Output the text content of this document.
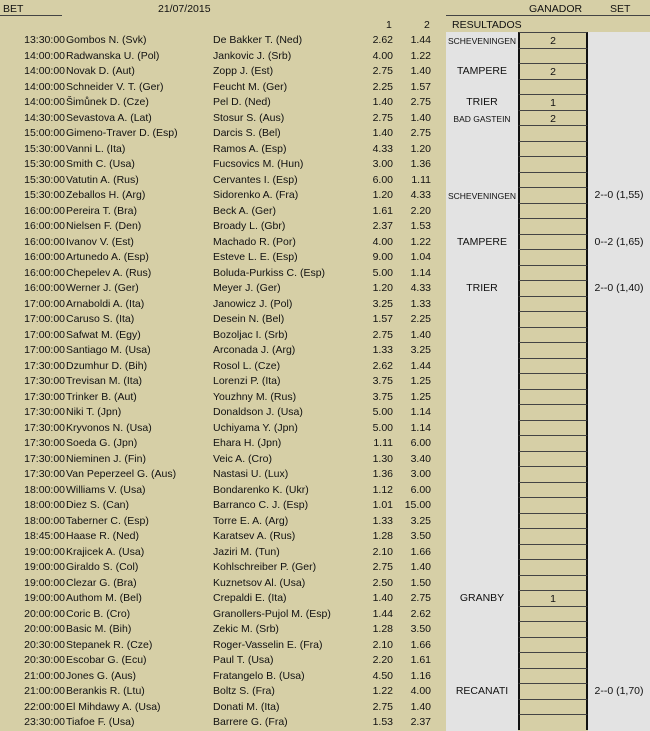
BET	21/07/2015
1	2 RESULTADOS
GANADOR	SET
13:30:00 Gombos N. (Svk)	De Bakker T. (Ned)	2.62	1.44 SCHEVENINGEN	2
14:00:00 Radwanska U. (Pol)	Jankovic J. (Srb)	4.00	1.22
14:00:00 Novak D. (Aut)	Zopp J. (Est)	2.75	1.40	TAMPERE	2
14:00:00 Schneider V. T. (Ger)	Feucht M. (Ger)	2.25	1.57
14:00:00 Šimůnek D. (Cze)	Pel D. (Ned)	1.40	2.75	TRIER	1
14:30:00 Sevastova A. (Lat)	Stosur S. (Aus)	2.75	1.40	BAD GASTEIN	2
15:00:00 Gimeno-Traver D. (Esp)	Darcis S. (Bel)	1.40	2.75
15:30:00 Vanni L. (Ita)	Ramos A. (Esp)	4.33	1.20
15:30:00 Smith C. (Usa)	Fucsovics M. (Hun)	3.00	1.36
15:30:00 Vatutin A. (Rus)	Cervantes I. (Esp)	6.00	1.11
15:30:00 Zeballos H. (Arg)	Sidorenko A. (Fra)	1.20	4.33 SCHEVENINGEN	2--0 (1,55)
16:00:00 Pereira T. (Bra)	Beck A. (Ger)	1.61	2.20
16:00:00 Nielsen F. (Den)	Broady L. (Gbr)	2.37	1.53
16:00:00 Ivanov V. (Est)	Machado R. (Por)	4.00	1.22	TAMPERE	0--2 (1,65)
16:00:00 Artunedo A. (Esp)	Esteve L. E. (Esp)	9.00	1.04
16:00:00 Chepelev A. (Rus)	Boluda-Purkiss C. (Esp)	5.00	1.14
16:00:00 Werner J. (Ger)	Meyer J. (Ger)	1.20	4.33	TRIER	2--0 (1,40)
17:00:00 Arnaboldi A. (Ita)	Janowicz J. (Pol)	3.25	1.33
17:00:00 Caruso S. (Ita)	Desein N. (Bel)	1.57	2.25
17:00:00 Safwat M. (Egy)	Bozoljac I. (Srb)	2.75	1.40
17:00:00 Santiago M. (Usa)	Arconada J. (Arg)	1.33	3.25
17:30:00 Dzumhur D. (Bih)	Rosol L. (Cze)	2.62	1.44
17:30:00 Trevisan M. (Ita)	Lorenzi P. (Ita)	3.75	1.25
17:30:00 Trinker B. (Aut)	Youzhny M. (Rus)	3.75	1.25
17:30:00 Niki T. (Jpn)	Donaldson J. (Usa)	5.00	1.14
17:30:00 Kryvonos N. (Usa)	Uchiyama Y. (Jpn)	5.00	1.14
17:30:00 Soeda G. (Jpn)	Ehara H. (Jpn)	1.11	6.00
17:30:00 Nieminen J. (Fin)	Veic A. (Cro)	1.30	3.40
17:30:00 Van Peperzeel G. (Aus)	Nastasi U. (Lux)	1.36	3.00
18:00:00 Williams V. (Usa)	Bondarenko K. (Ukr)	1.12	6.00
18:00:00 Diez S. (Can)	Barranco C. J. (Esp)	1.01	15.00
18:00:00 Taberner C. (Esp)	Torre E. A. (Arg)	1.33	3.25
18:45:00 Haase R. (Ned)	Karatsev A. (Rus)	1.28	3.50
19:00:00 Krajicek A. (Usa)	Jaziri M. (Tun)	2.10	1.66
19:00:00 Giraldo S. (Col)	Kohlschreiber P. (Ger)	2.75	1.40
19:00:00 Clezar G. (Bra)	Kuznetsov Al. (Usa)	2.50	1.50
19:00:00 Authom M. (Bel)	Crepaldi E. (Ita)	1.40	2.75	GRANBY	1
20:00:00 Coric B. (Cro)	Granollers-Pujol M. (Esp)	1.44	2.62
20:00:00 Basic M. (Bih)	Zekic M. (Srb)	1.28	3.50
20:30:00 Stepanek R. (Cze)	Roger-Vasselin E. (Fra)	2.10	1.66
20:30:00 Escobar G. (Ecu)	Paul T. (Usa)	2.20	1.61
21:00:00 Jones G. (Aus)	Fratangelo B. (Usa)	4.50	1.16
21:00:00 Berankis R. (Ltu)	Boltz S. (Fra)	1.22	4.00	RECANATI	2--0 (1,70)
22:00:00 El Mihdawy A. (Usa)	Donati M. (Ita)	2.75	1.40
23:30:00 Tiafoe F. (Usa)	Barrere G. (Fra)	1.53	2.37
